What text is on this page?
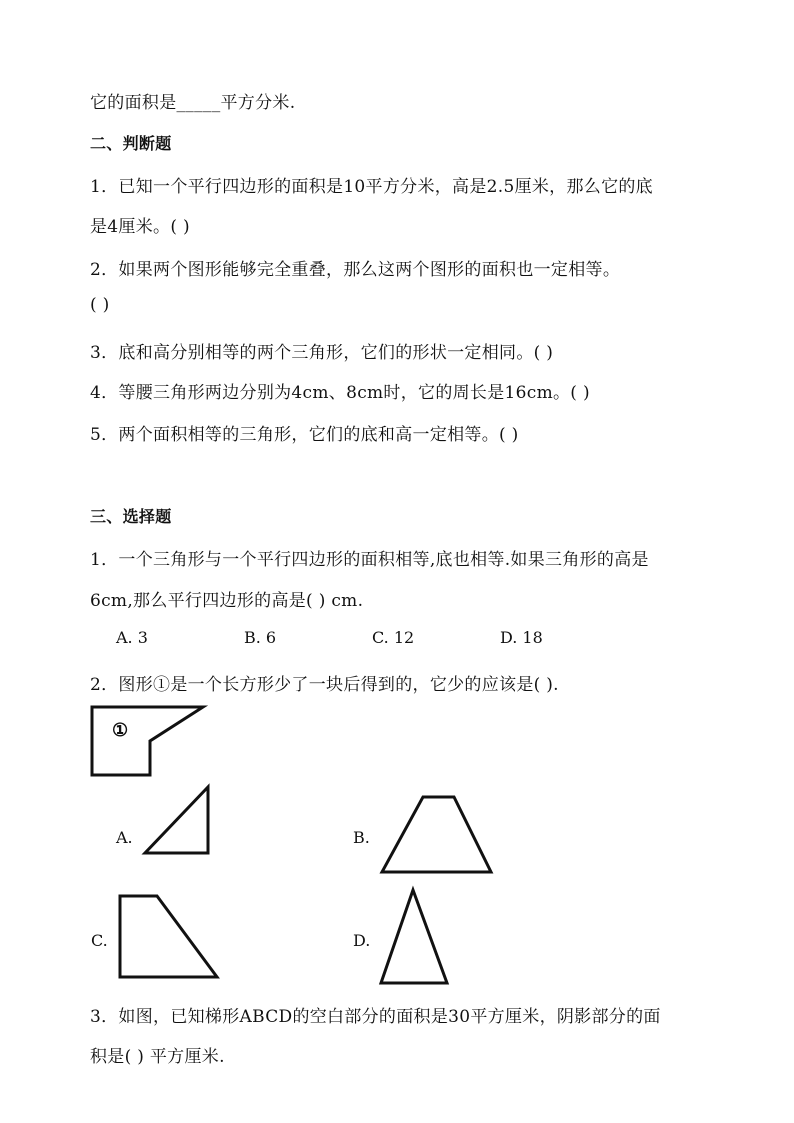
它的面积是_____平方分米.
二、判断题
1．已知一个平行四边形的面积是10平方分米，高是2.5厘米，那么它的底
是4厘米。( )
2．如果两个图形能够完全重叠，那么这两个图形的面积也一定相等。
( )
3．底和高分别相等的两个三角形，它们的形状一定相同。( )
4．等腰三角形两边分别为4cm、8cm时，它的周长是16cm。( )
5．两个面积相等的三角形，它们的底和高一定相等。( )
三、选择题
1．一个三角形与一个平行四边形的面积相等,底也相等.如果三角形的高是
6cm,那么平行四边形的高是( ) cm.
A. 3	B. 6	C. 12	D. 18
2．图形①是一个长方形少了一块后得到的，它少的应该是( ).
①
A.	B.
C.	D.
3．如图，已知梯形ABCD的空白部分的面积是30平方厘米，阴影部分的面
积是( ) 平方厘米.
